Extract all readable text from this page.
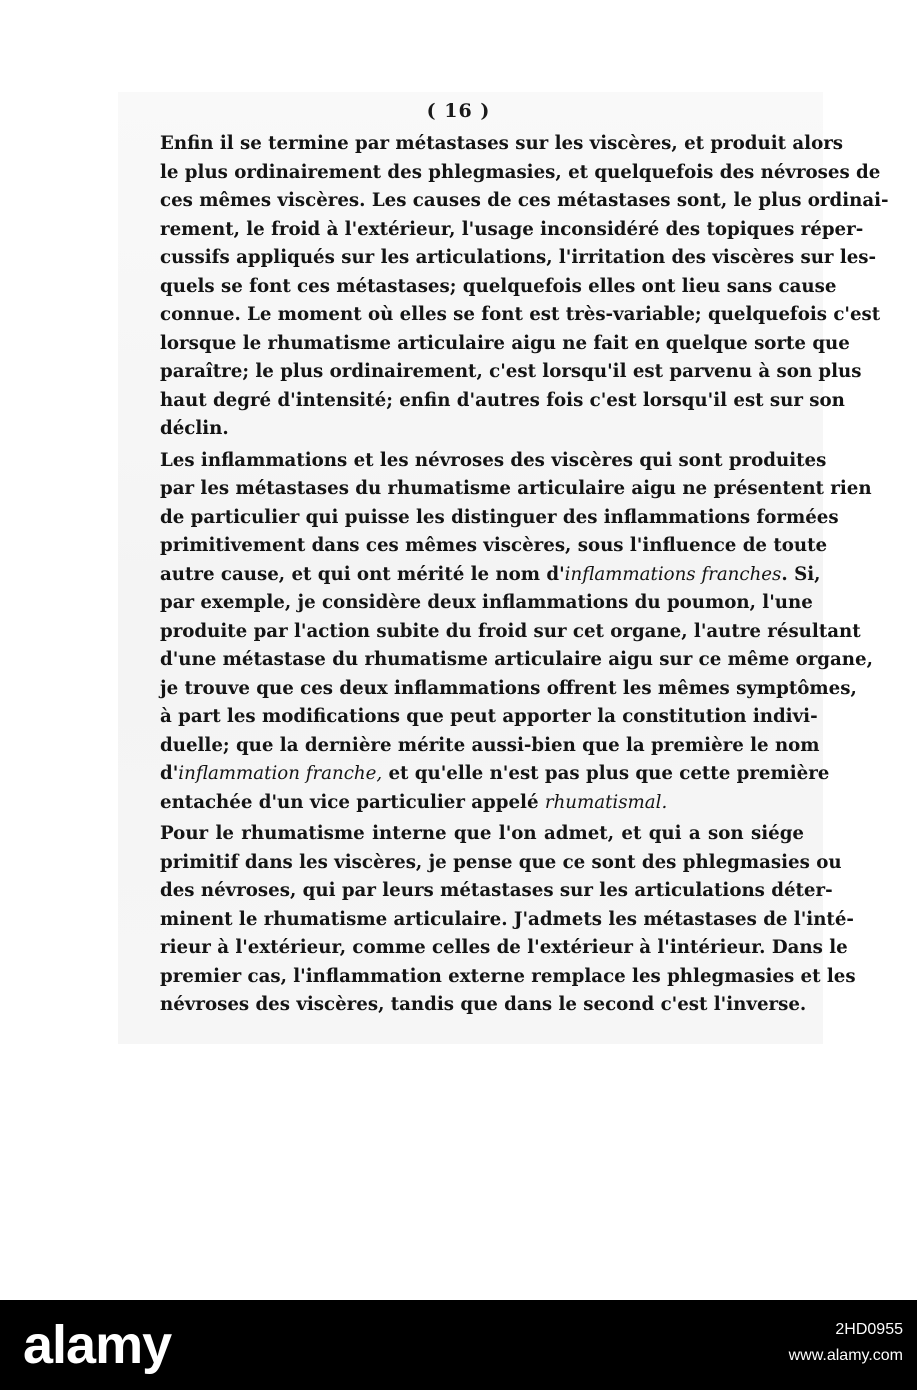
( 16 )
Enfin il se termine par métastases sur les viscères, et produit alors
le plus ordinairement des phlegmasies, et quelquefois des névroses de
ces mêmes viscères. Les causes de ces métastases sont, le plus ordinai-
rement, le froid à l'extérieur, l'usage inconsidéré des topiques réper-
cussifs appliqués sur les articulations, l'irritation des viscères sur les-
quels se font ces métastases; quelquefois elles ont lieu sans cause
connue. Le moment où elles se font est très-variable; quelquefois c'est
lorsque le rhumatisme articulaire aigu ne fait en quelque sorte que
paraître; le plus ordinairement, c'est lorsqu'il est parvenu à son plus
haut degré d'intensité; enfin d'autres fois c'est lorsqu'il est sur son
déclin.
Les inflammations et les névroses des viscères qui sont produites
par les métastases du rhumatisme articulaire aigu ne présentent rien
de particulier qui puisse les distinguer des inflammations formées
primitivement dans ces mêmes viscères, sous l'influence de toute
autre cause, et qui ont mérité le nom d'inflammations franches. Si,
par exemple, je considère deux inflammations du poumon, l'une
produite par l'action subite du froid sur cet organe, l'autre résultant
d'une métastase du rhumatisme articulaire aigu sur ce même organe,
je trouve que ces deux inflammations offrent les mêmes symptômes,
à part les modifications que peut apporter la constitution indivi-
duelle; que la dernière mérite aussi-bien que la première le nom
d'inflammation franche, et qu'elle n'est pas plus que cette première
entachée d'un vice particulier appelé rhumatismal.
Pour le rhumatisme interne que l'on admet, et qui a son siége
primitif dans les viscères, je pense que ce sont des phlegmasies ou
des névroses, qui par leurs métastases sur les articulations déter-
minent le rhumatisme articulaire. J'admets les métastases de l'inté-
rieur à l'extérieur, comme celles de l'extérieur à l'intérieur. Dans le
premier cas, l'inflammation externe remplace les phlegmasies et les
névroses des viscères, tandis que dans le second c'est l'inverse.
alamy	2HD0955
www.alamy.com
